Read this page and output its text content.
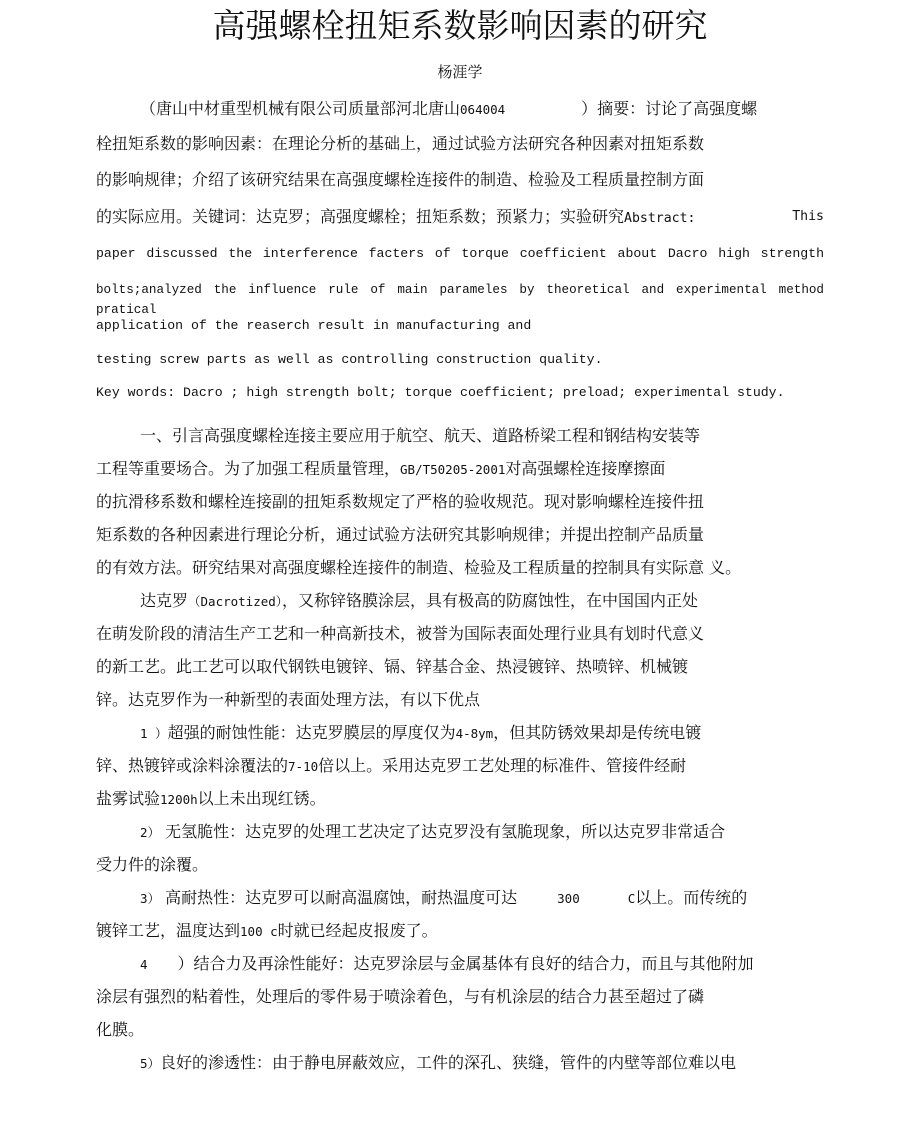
高强螺栓扭矩系数影响因素的研究
杨涯学
（唐山中材重型机械有限公司质量部河北唐山064004	）摘要：讨论了高强度螺
栓扭矩系数的影响因素：在理论分析的基础上，通过试验方法研究各种因素对扭矩系数
的影响规律；介绍了该研究结果在高强度螺栓连接件的制造、检验及工程质量控制方面
的实际应用。关键词：达克罗；高强度螺栓；扭矩系数；预紧力；实验研究Abstract:	This
paper discussed the interference facters of torque coefficient about Dacro high strength
bolts;analyzed the influence rule of main parameles by theoretical and experimental method pratical
application of the reaserch result in manufacturing and
testing screw parts as well as controlling construction quality.
Key words: Dacro ; high strength bolt; torque coefficient; preload; experimental study.
一、引言高强度螺栓连接主要应用于航空、航天、道路桥梁工程和钢结构安装等
工程等重要场合。为了加强工程质量管理，GB/T50205-2001对高强螺栓连接摩擦面
的抗滑移系数和螺栓连接副的扭矩系数规定了严格的验收规范。现对影响螺栓连接件扭
矩系数的各种因素进行理论分析，通过试验方法研究其影响规律；并提出控制产品质量
的有效方法。研究结果对高强度螺栓连接件的制造、检验及工程质量的控制具有实际意 义。
达克罗（Dacrotized），又称锌铬膜涂层，具有极高的防腐蚀性，在中国国内正处
在萌发阶段的清洁生产工艺和一种高新技术，被誉为国际表面处理行业具有划时代意义
的新工艺。此工艺可以取代钢铁电镀锌、镉、锌基合金、热浸镀锌、热喷锌、机械镀
锌。达克罗作为一种新型的表面处理方法，有以下优点
1 ）超强的耐蚀性能：达克罗膜层的厚度仅为4-8ym，但其防锈效果却是传统电镀
锌、热镀锌或涂料涂覆法的7-10倍以上。采用达克罗工艺处理的标准件、管接件经耐
盐雾试验1200h以上未出现红锈。
2） 无氢脆性：达克罗的处理工艺决定了达克罗没有氢脆现象，所以达克罗非常适合
受力件的涂覆。
3） 高耐热性：达克罗可以耐高温腐蚀，耐热温度可达	300	C以上。而传统的
镀锌工艺，温度达到100 c时就已经起皮报废了。
4 ）结合力及再涂性能好：达克罗涂层与金属基体有良好的结合力，而且与其他附加
涂层有强烈的粘着性，处理后的零件易于喷涂着色，与有机涂层的结合力甚至超过了磷
化膜。
5）良好的渗透性：由于静电屏蔽效应，工件的深孔、狭缝，管件的内壁等部位难以电
